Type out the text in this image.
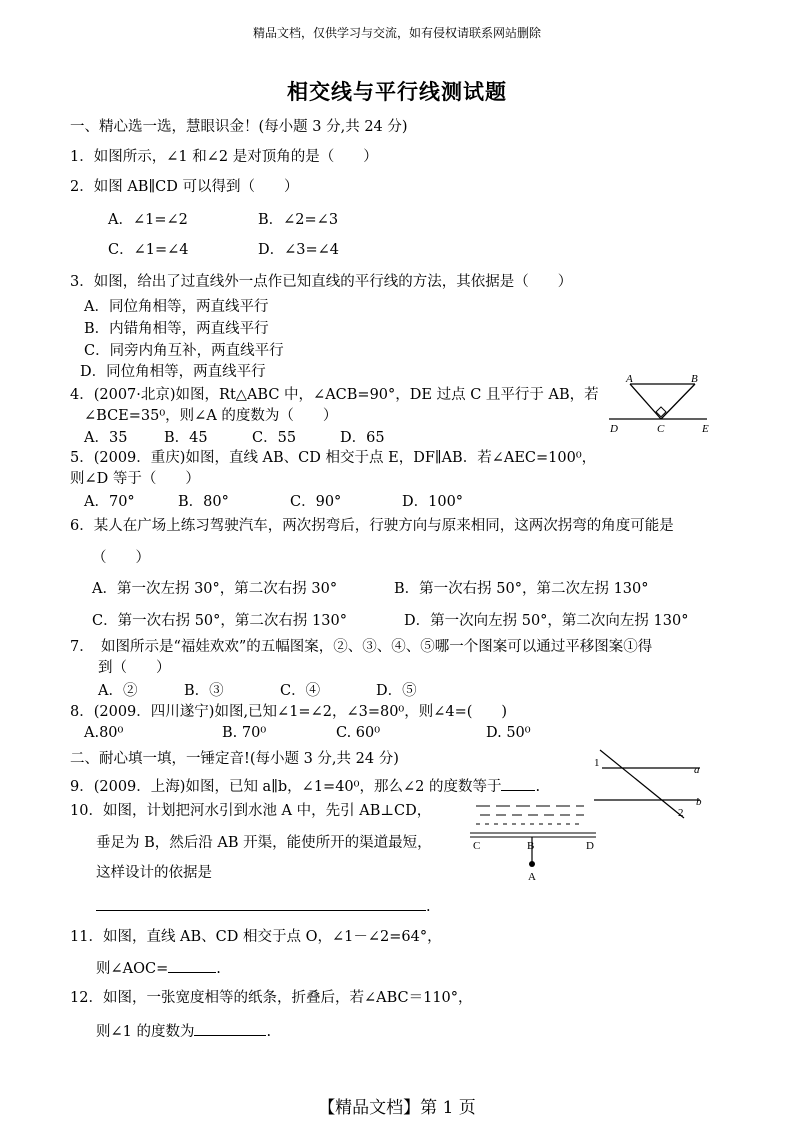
精品文档，仅供学习与交流，如有侵权请联系网站删除
相交线与平行线测试题
一、精心选一选，慧眼识金！(每小题 3 分,共 24 分)
1．如图所示，∠1 和∠2 是对顶角的是（　　）
2．如图 AB∥CD 可以得到（　　）
A．∠1=∠2	B．∠2=∠3
C．∠1=∠4	D．∠3=∠4
3．如图，给出了过直线外一点作已知直线的平行线的方法，其依据是（　　）
A．同位角相等，两直线平行
B．内错角相等，两直线平行
C．同旁内角互补，两直线平行
D．同位角相等，两直线平行
4．(2007·北京)如图，Rt△ABC 中，∠ACB=90°，DE 过点 C 且平行于 AB，若
∠BCE=35⁰，则∠A 的度数为（　　）
A．35	B．45	C．55	D．65
A	B
C
D	E
5．(2009．重庆)如图，直线 AB、CD 相交于点 E，DF∥AB．若∠AEC=100⁰，
则∠D 等于（　　）
A．70°	B．80°	C．90°	D．100°
6．某人在广场上练习驾驶汽车，两次拐弯后，行驶方向与原来相同，这两次拐弯的角度可能是
（　　）
A．第一次左拐 30°，第二次右拐 30°	B．第一次右拐 50°，第二次左拐 130°
C．第一次右拐 50°，第二次右拐 130°	D．第一次向左拐 50°，第二次向左拐 130°
7．　如图所示是“福娃欢欢”的五幅图案，②、③、④、⑤哪一个图案可以通过平移图案①得
到（　　）
A．②	B．③	C．④	D．⑤
8．(2009．四川遂宁)如图,已知∠1=∠2，∠3=80⁰，则∠4=(　　)
A.80⁰	B. 70⁰	C. 60⁰	D. 50⁰
二、耐心填一填，一锤定音!(每小题 3 分,共 24 分)
9．(2009．上海)如图，已知 a∥b，∠1=40⁰，那么∠2 的度数等于 .
1
2
a
b
10．如图，计划把河水引到水池 A 中，先引 AB⊥CD，
垂足为 B，然后沿 AB 开渠，能使所开的渠道最短，
这样设计的依据是
.
C	B	D
A
11．如图，直线 AB、CD 相交于点 O，∠1－∠2=64°，
则∠AOC=	.
12．如图，一张宽度相等的纸条，折叠后，若∠ABC＝110°，
则∠1 的度数为	.
【精品文档】第 1 页
